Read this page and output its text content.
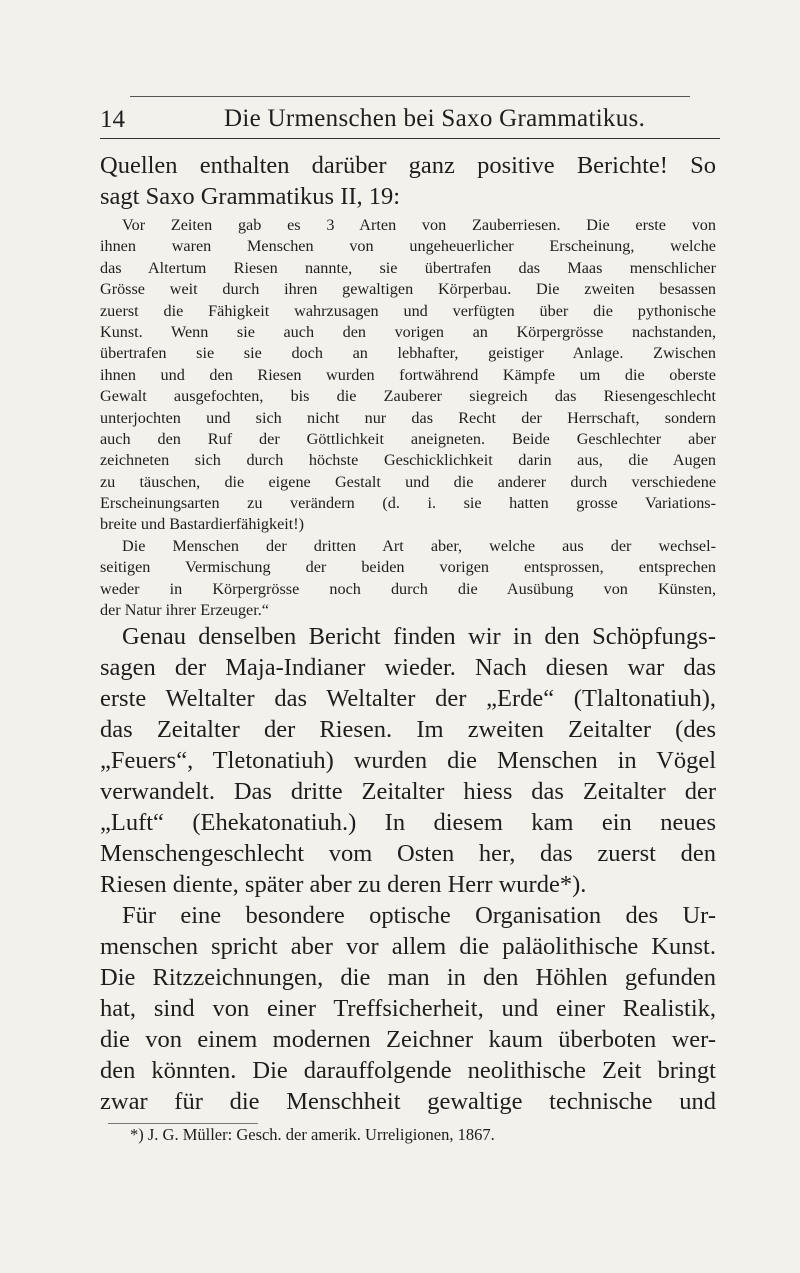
14	Die Urmenschen bei Saxo Grammatikus.
Quellen enthalten darüber ganz positive Berichte! So
sagt Saxo Grammatikus II, 19:
Vor Zeiten gab es 3 Arten von Zauberriesen. Die erste von
ihnen waren Menschen von ungeheuerlicher Erscheinung, welche
das Altertum Riesen nannte, sie übertrafen das Maas menschlicher
Grösse weit durch ihren gewaltigen Körperbau. Die zweiten besassen
zuerst die Fähigkeit wahrzusagen und verfügten über die pythonische
Kunst. Wenn sie auch den vorigen an Körpergrösse nachstanden,
übertrafen sie sie doch an lebhafter, geistiger Anlage. Zwischen
ihnen und den Riesen wurden fortwährend Kämpfe um die oberste
Gewalt ausgefochten, bis die Zauberer siegreich das Riesengeschlecht
unterjochten und sich nicht nur das Recht der Herrschaft, sondern
auch den Ruf der Göttlichkeit aneigneten. Beide Geschlechter aber
zeichneten sich durch höchste Geschicklichkeit darin aus, die Augen
zu täuschen, die eigene Gestalt und die anderer durch verschiedene
Erscheinungsarten zu verändern (d. i. sie hatten grosse Variations-
breite und Bastardierfähigkeit!)
Die Menschen der dritten Art aber, welche aus der wechsel-
seitigen Vermischung der beiden vorigen entsprossen, entsprechen
weder in Körpergrösse noch durch die Ausübung von Künsten,
der Natur ihrer Erzeuger.“
Genau denselben Bericht finden wir in den Schöpfungs-
sagen der Maja-Indianer wieder. Nach diesen war das
erste Weltalter das Weltalter der „Erde“ (Tlaltonatiuh),
das Zeitalter der Riesen. Im zweiten Zeitalter (des
„Feuers“, Tletonatiuh) wurden die Menschen in Vögel
verwandelt. Das dritte Zeitalter hiess das Zeitalter der
„Luft“ (Ehekatonatiuh.) In diesem kam ein neues
Menschengeschlecht vom Osten her, das zuerst den
Riesen diente, später aber zu deren Herr wurde*).
Für eine besondere optische Organisation des Ur-
menschen spricht aber vor allem die paläolithische Kunst.
Die Ritzzeichnungen, die man in den Höhlen gefunden
hat, sind von einer Treffsicherheit, und einer Realistik,
die von einem modernen Zeichner kaum überboten wer-
den könnten. Die darauffolgende neolithische Zeit bringt
zwar für die Menschheit gewaltige technische und
*) J. G. Müller: Gesch. der amerik. Urreligionen, 1867.
